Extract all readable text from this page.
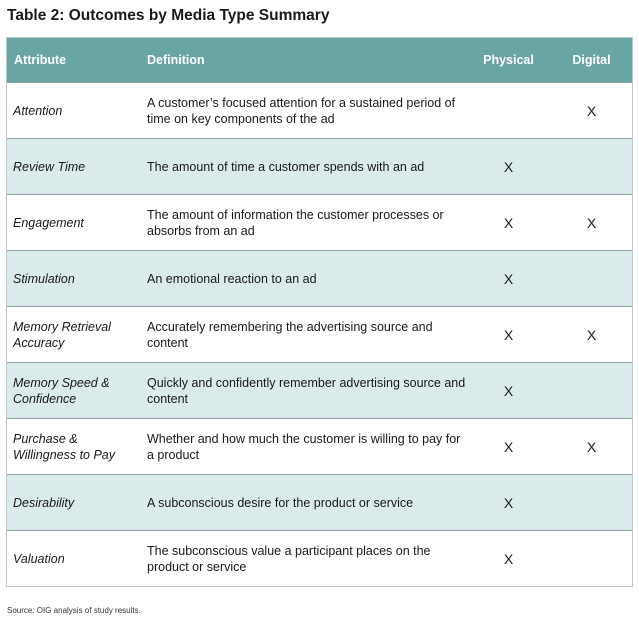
Table 2: Outcomes by Media Type Summary
Attribute	Definition	Physical	Digital
Attention	A customer’s focused attention for a sustained period of time on key components of the ad		X
Review Time	The amount of time a customer spends with an ad	X	
Engagement	The amount of information the customer processes or absorbs from an ad	X	X
Stimulation	An emotional reaction to an ad	X	
Memory Retrieval Accuracy	Accurately remembering the advertising source and content	X	X
Memory Speed & Confidence	Quickly and confidently remember advertising source and content	X	
Purchase & Willingness to Pay	Whether and how much the customer is willing to pay for a product	X	X
Desirability	A subconscious desire for the product or service	X	
Valuation	The subconscious value a participant places on the product or service	X	
Source: OIG analysis of study results.
